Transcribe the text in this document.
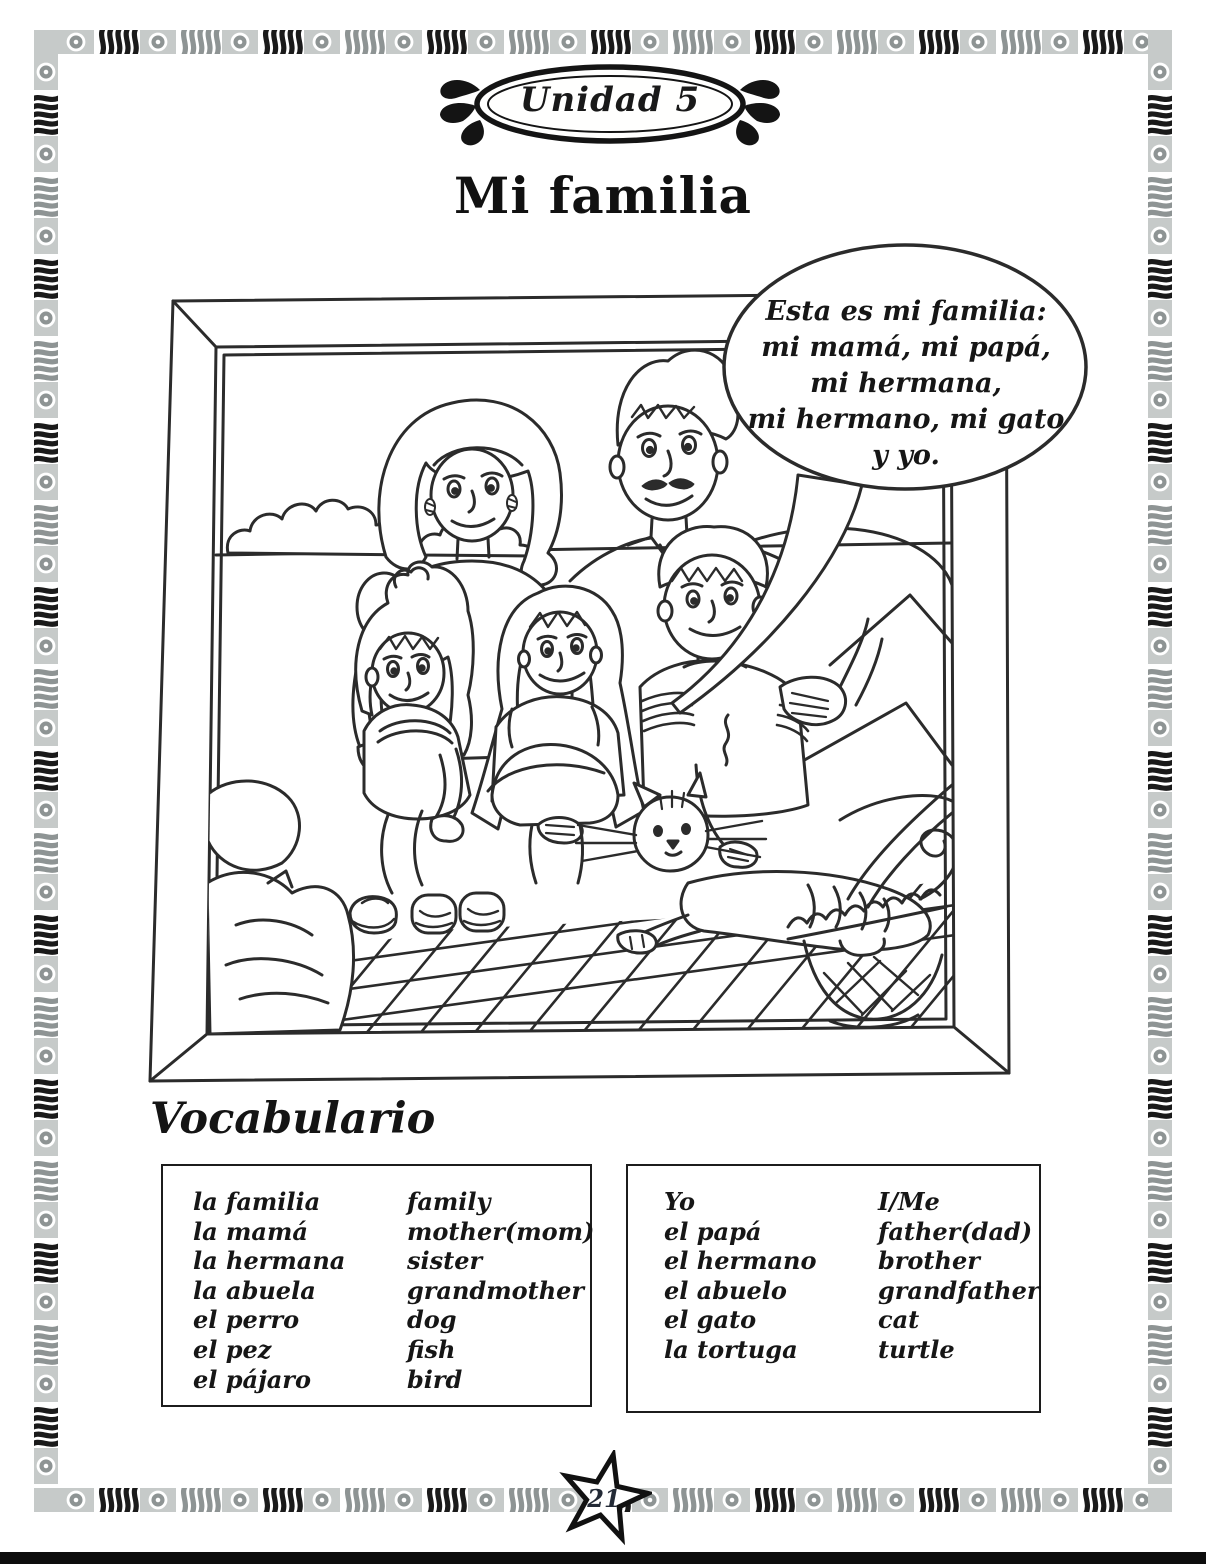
Unidad 5
Mi familia
Esta es mi familia:
mi mamá, mi papá,
mi hermana,
mi hermano, mi gato
y yo.
Vocabulario
la familia	family
la mamá	mother(mom)
la hermana	sister
la abuela	grandmother
el perro	dog
el pez	fish
el pájaro	bird
Yo	I/Me
el papá	father(dad)
el hermano	brother
el abuelo	grandfather
el gato	cat
la tortuga	turtle
21
